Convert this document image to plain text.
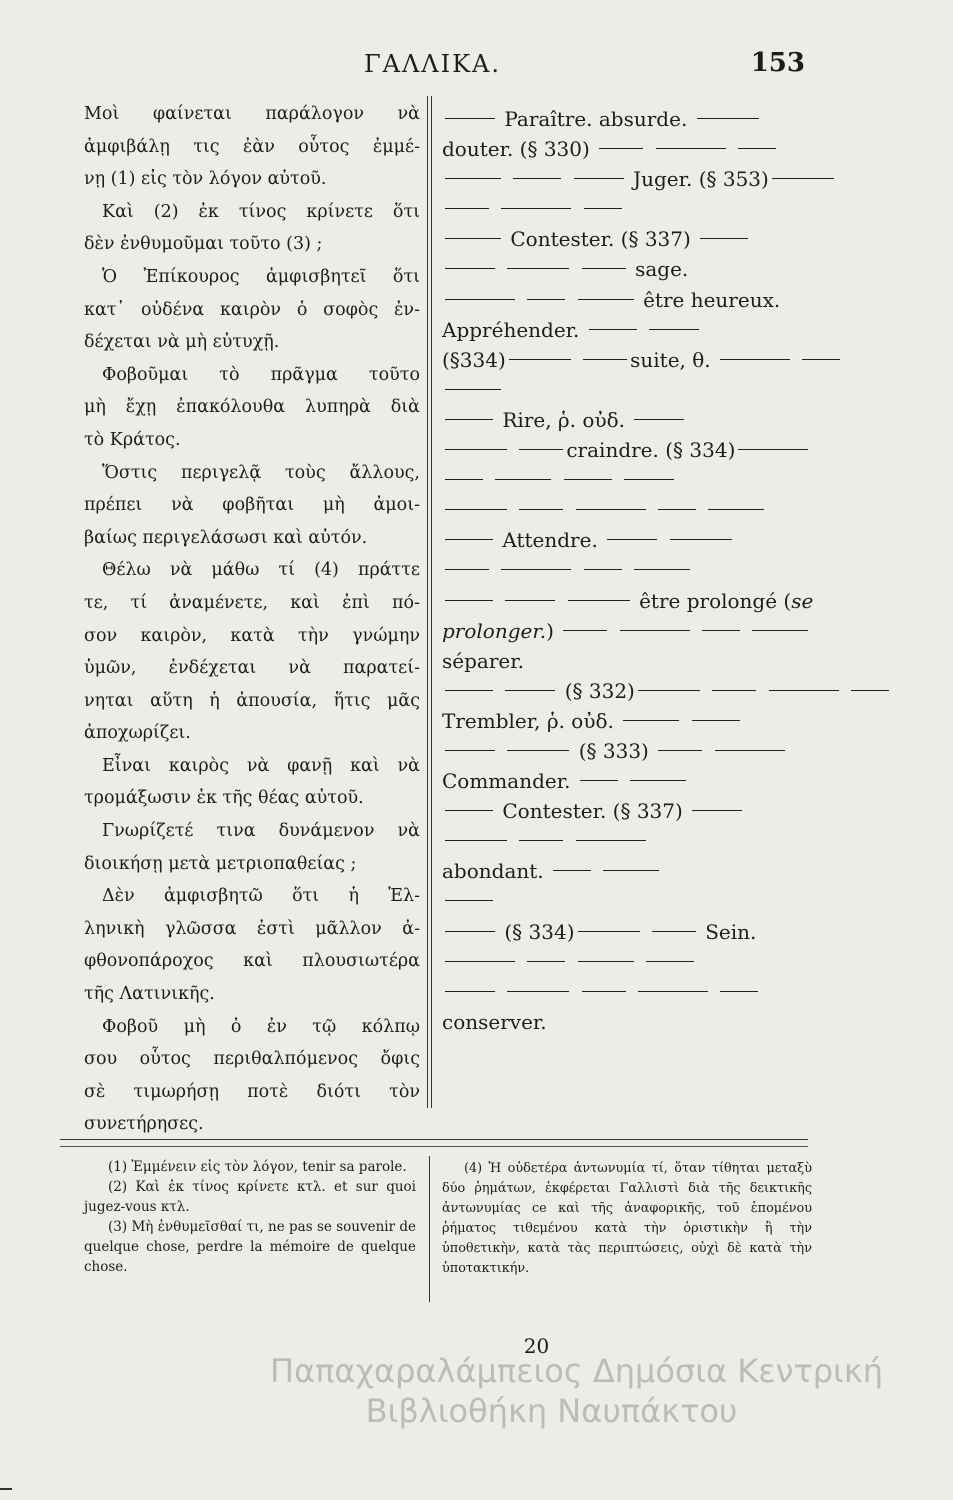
ΓΑΛΛΙΚΑ.	153
Μοὶ φαίνεται παράλογον νὰ
ἀμφιβάλῃ τις ἐὰν οὗτος ἐμμέ-
νῃ (1) εἰς τὸν λόγον αὐτοῦ.
Καὶ (2) ἐκ τίνος κρίνετε ὅτι
δὲν ἐνθυμοῦμαι τοῦτο (3) ;
Ὁ Ἐπίκουρος ἀμφισβητεῖ ὅτι
κατ᾽ οὐδένα καιρὸν ὁ σοφὸς ἐν-
δέχεται νὰ μὴ εὐτυχῇ.
Φοβοῦμαι τὸ πρᾶγμα τοῦτο
μὴ ἔχῃ ἐπακόλουθα λυπηρὰ διὰ
τὸ Κράτος.
Ὅστις περιγελᾷ τοὺς ἄλλους,
πρέπει νὰ φοβῆται μὴ ἀμοι-
βαίως περιγελάσωσι καὶ αὐτόν.
Θέλω νὰ μάθω τί (4) πράττε
τε, τί ἀναμένετε, καὶ ἐπὶ πό-
σον καιρὸν, κατὰ τὴν γνώμην
ὑμῶν, ἐνδέχεται νὰ παρατεί-
νηται αὕτη ἡ ἀπουσία, ἥτις μᾶς
ἀποχωρίζει.
Εἶναι καιρὸς νὰ φανῇ καὶ νὰ
τρομάξωσιν ἐκ τῆς θέας αὐτοῦ.
Γνωρίζετέ τινα δυνάμενον νὰ
διοικήσῃ μετὰ μετριοπαθείας ;
Δὲν ἀμφισβητῶ ὅτι ἡ Ἑλ-
ληνικὴ γλῶσσα ἐστὶ μᾶλλον ἀ-
φθονοπάροχος καὶ πλουσιωτέρα
τῆς Λατινικῆς.
Φοβοῦ μὴ ὁ ἐν τῷ κόλπῳ
σου οὗτος περιθαλπόμενος ὄφις
σὲ τιμωρήσῃ ποτὲ διότι τὸν
συνετήρησες.
Paraître. absurde.
douter. (§ 330)
Juger. (§ 353)

Contester. (§ 337)
sage.
être heureux.
Appréhender.
(§334)	suite, θ.
Rire, ῥ. οὐδ.
craindre. (§ 334)

Attendre.

être prolongé (se
prolonger.)
séparer.
(§ 332)
Trembler, ῥ. οὐδ.
(§ 333)
Commander.
Contester. (§ 337)

abondant.
(§ 334)	Sein.

conserver.
(1) Ἐμμένειν εἰς τὸν λόγον, tenir sa parole.
(2) Καὶ ἐκ τίνος κρίνετε κτλ. et sur quoi jugez-vous κτλ.
(3) Μὴ ἐνθυμεῖσθαί τι, ne pas se souvenir de quelque chose, perdre la mémoire de quelque chose.
(4) Ἡ οὐδετέρα ἀντωνυμία τί, ὅταν τίθηται μεταξὺ δύο ῥημάτων, ἐκφέρεται Γαλλιστὶ διὰ τῆς δεικτικῆς ἀντωνυμίας ce καὶ τῆς ἀναφορικῆς, τοῦ ἑπομένου ῥήματος τιθεμένου κατὰ τὴν ὁριστικὴν ἢ τὴν ὑποθετικὴν, κατὰ τὰς περιπτώσεις, οὐχὶ δὲ κατὰ τὴν ὑποτακτικήν.
20
Παπαχαραλάμπειος Δημόσια Κεντρική
Βιβλιοθήκη Ναυπάκτου
